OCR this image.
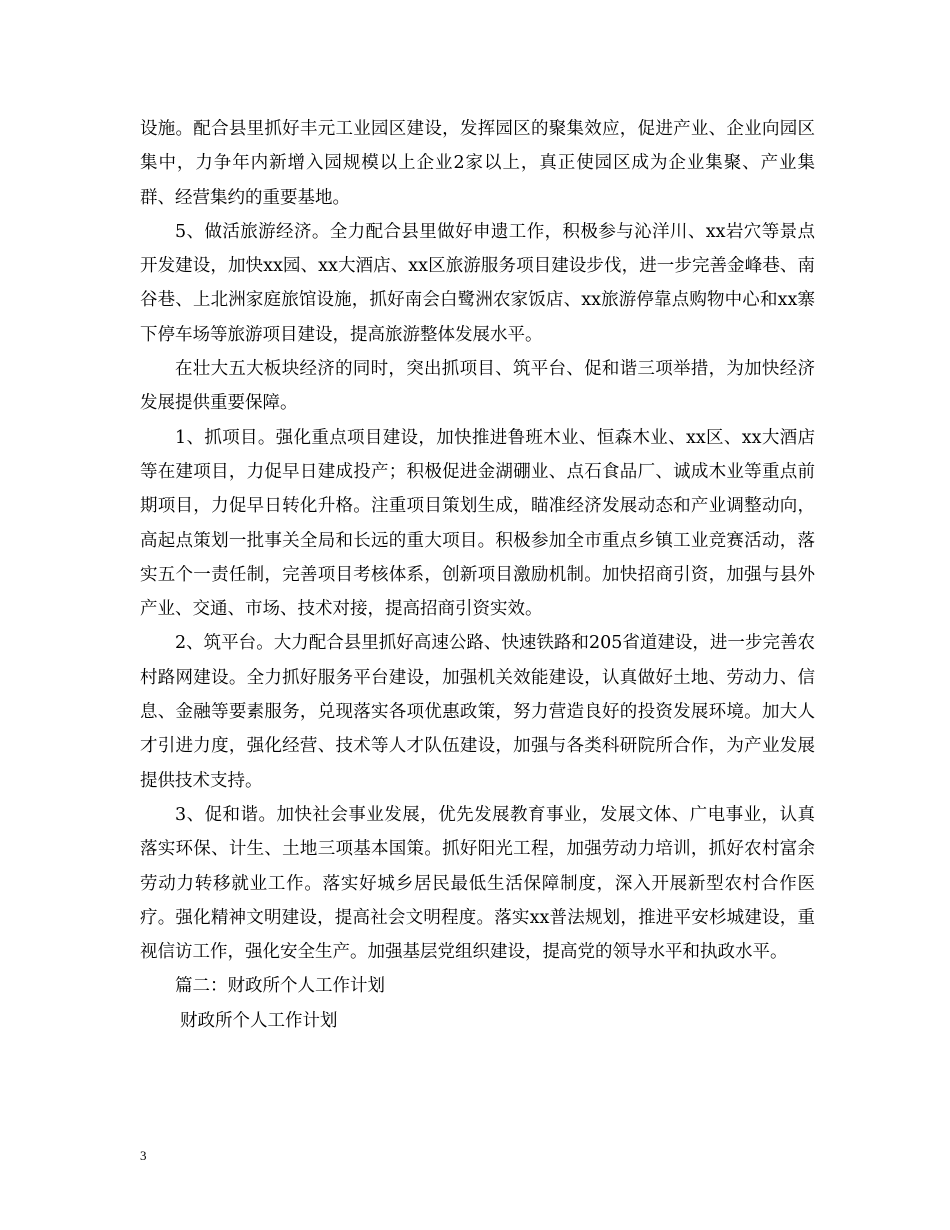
设施。配合县里抓好丰元工业园区建设，发挥园区的聚集效应，促进产业、企业向园区集中，力争年内新增入园规模以上企业2家以上，真正使园区成为企业集聚、产业集群、经营集约的重要基地。

5、做活旅游经济。全力配合县里做好申遗工作，积极参与沁洋川、xx岩穴等景点开发建设，加快xx园、xx大酒店、xx区旅游服务项目建设步伐，进一步完善金峰巷、南谷巷、上北洲家庭旅馆设施，抓好南会白鹭洲农家饭店、xx旅游停靠点购物中心和xx寨下停车场等旅游项目建设，提高旅游整体发展水平。

在壮大五大板块经济的同时，突出抓项目、筑平台、促和谐三项举措，为加快经济发展提供重要保障。

1、抓项目。强化重点项目建设，加快推进鲁班木业、恒森木业、xx区、xx大酒店等在建项目，力促早日建成投产；积极促进金湖硼业、点石食品厂、诚成木业等重点前期项目，力促早日转化升格。注重项目策划生成，瞄准经济发展动态和产业调整动向，高起点策划一批事关全局和长远的重大项目。积极参加全市重点乡镇工业竞赛活动，落实五个一责任制，完善项目考核体系，创新项目激励机制。加快招商引资，加强与县外产业、交通、市场、技术对接，提高招商引资实效。

2、筑平台。大力配合县里抓好高速公路、快速铁路和205省道建设，进一步完善农村路网建设。全力抓好服务平台建设，加强机关效能建设，认真做好土地、劳动力、信息、金融等要素服务，兑现落实各项优惠政策，努力营造良好的投资发展环境。加大人才引进力度，强化经营、技术等人才队伍建设，加强与各类科研院所合作，为产业发展提供技术支持。

3、促和谐。加快社会事业发展，优先发展教育事业，发展文体、广电事业，认真落实环保、计生、土地三项基本国策。抓好阳光工程，加强劳动力培训，抓好农村富余劳动力转移就业工作。落实好城乡居民最低生活保障制度，深入开展新型农村合作医疗。强化精神文明建设，提高社会文明程度。落实xx普法规划，推进平安杉城建设，重视信访工作，强化安全生产。加强基层党组织建设，提高党的领导水平和执政水平。

篇二：财政所个人工作计划

财政所个人工作计划

3
